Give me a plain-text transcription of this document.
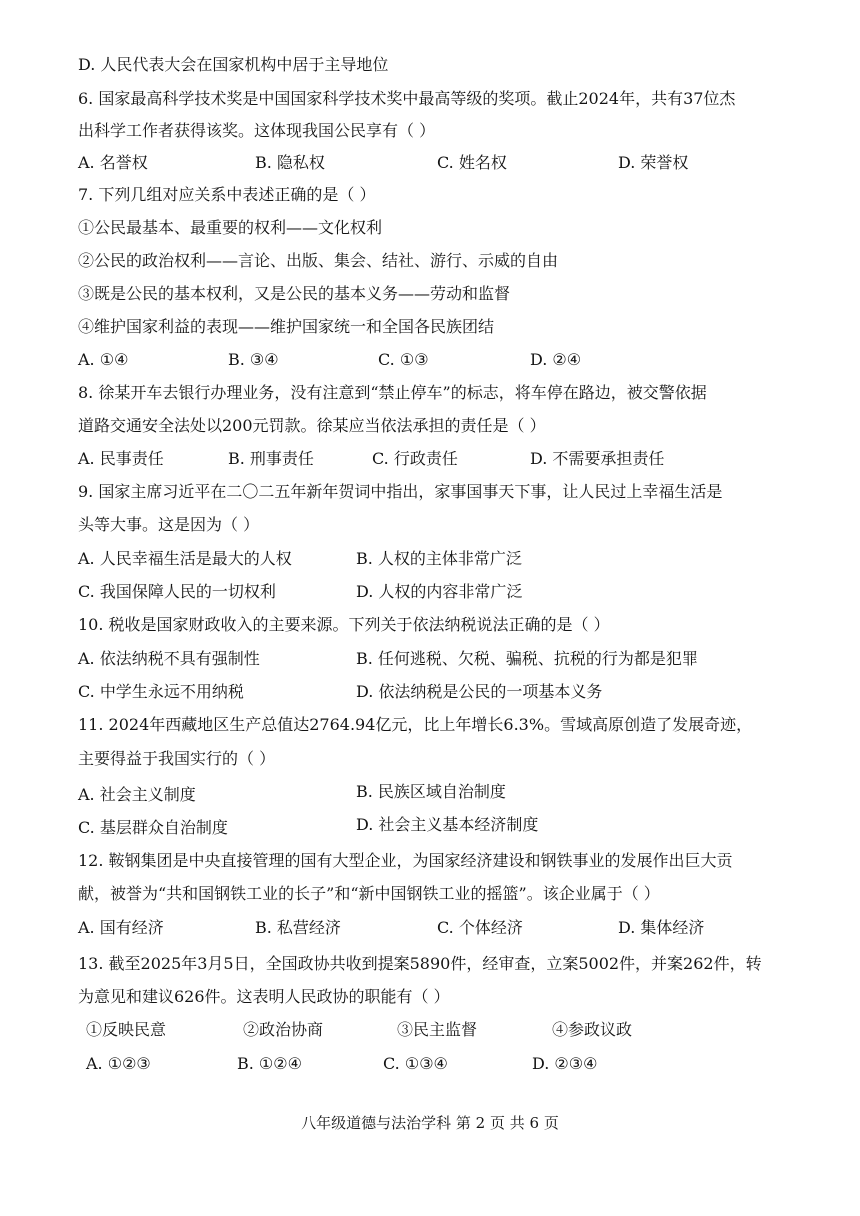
D. 人民代表大会在国家机构中居于主导地位
6. 国家最高科学技术奖是中国国家科学技术奖中最高等级的奖项。截止2024年，共有37位杰
出科学工作者获得该奖。这体现我国公民享有（ ）
A. 名誉权	B. 隐私权	C. 姓名权	D. 荣誉权
7. 下列几组对应关系中表述正确的是（ ）
①公民最基本、最重要的权利——文化权利
②公民的政治权利——言论、出版、集会、结社、游行、示威的自由
③既是公民的基本权利，又是公民的基本义务——劳动和监督
④维护国家利益的表现——维护国家统一和全国各民族团结
A. ①④	B. ③④	C. ①③	D. ②④
8. 徐某开车去银行办理业务，没有注意到“禁止停车”的标志，将车停在路边，被交警依据
道路交通安全法处以200元罚款。徐某应当依法承担的责任是（ ）
A. 民事责任	B. 刑事责任	C. 行政责任	D. 不需要承担责任
9. 国家主席习近平在二〇二五年新年贺词中指出，家事国事天下事，让人民过上幸福生活是
头等大事。这是因为（ ）
A. 人民幸福生活是最大的人权	B. 人权的主体非常广泛
C. 我国保障人民的一切权利	D. 人权的内容非常广泛
10. 税收是国家财政收入的主要来源。下列关于依法纳税说法正确的是（ ）
A. 依法纳税不具有强制性	B. 任何逃税、欠税、骗税、抗税的行为都是犯罪
C. 中学生永远不用纳税	D. 依法纳税是公民的一项基本义务
11. 2024年西藏地区生产总值达2764.94亿元，比上年增长6.3%。雪域高原创造了发展奇迹，
主要得益于我国实行的（ ）
A. 社会主义制度	B. 民族区域自治制度
C. 基层群众自治制度	D. 社会主义基本经济制度
12. 鞍钢集团是中央直接管理的国有大型企业，为国家经济建设和钢铁事业的发展作出巨大贡
献，被誉为“共和国钢铁工业的长子”和“新中国钢铁工业的摇篮”。该企业属于（ ）
A. 国有经济	B. 私营经济	C. 个体经济	D. 集体经济
13. 截至2025年3月5日，全国政协共收到提案5890件，经审查，立案5002件，并案262件，转
为意见和建议626件。这表明人民政协的职能有（ ）
①反映民意	②政治协商	③民主监督	④参政议政
A. ①②③	B. ①②④	C. ①③④	D. ②③④
八年级道德与法治学科 第 2 页 共 6 页
